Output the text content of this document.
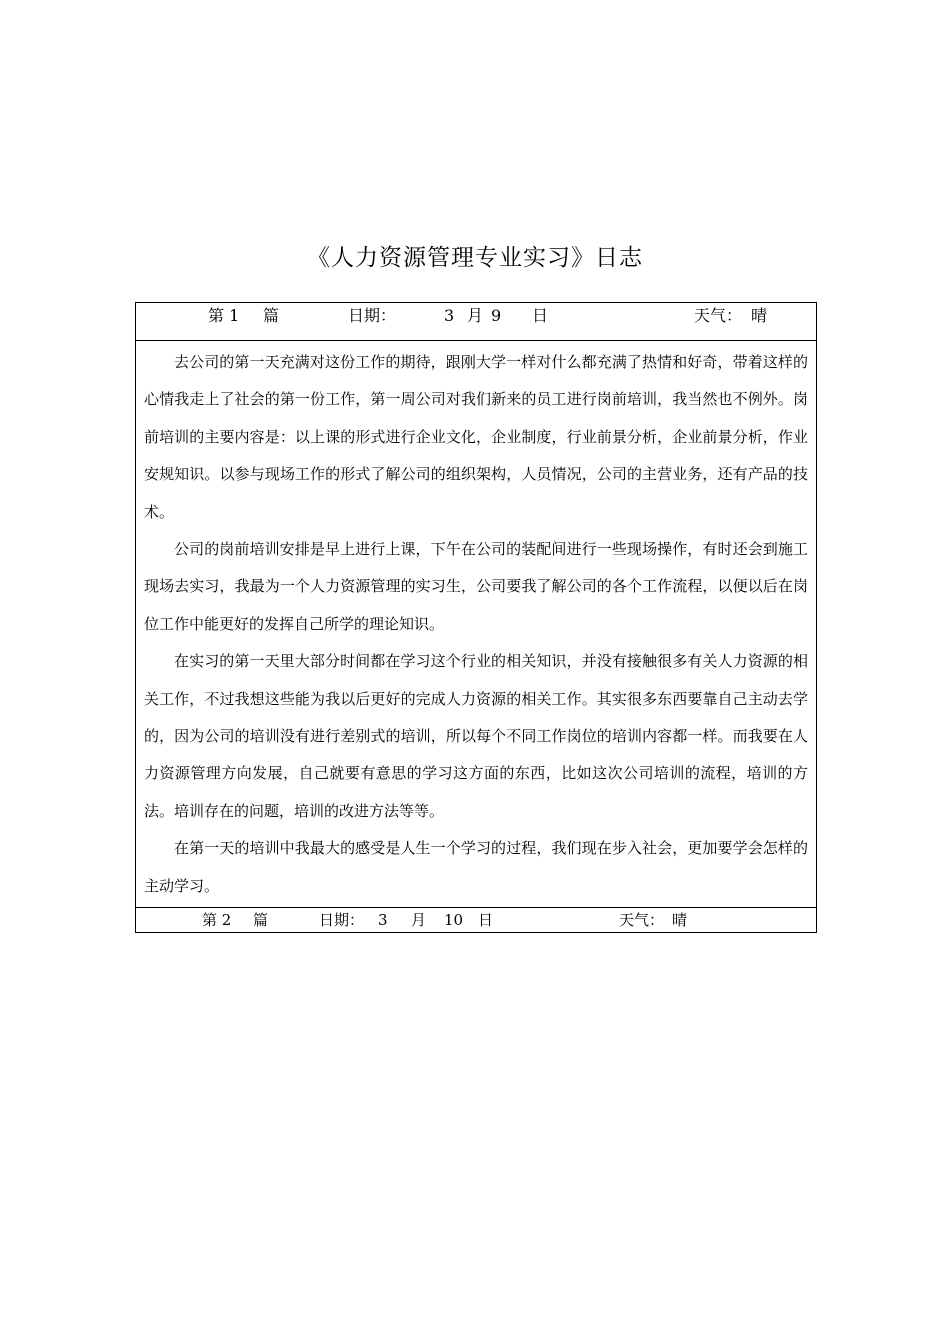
《人力资源管理专业实习》日志
第 1 篇	日期：	3 月 9 日	天气： 晴

去公司的第一天充满对这份工作的期待，跟刚大学一样对什么都充满了热情和好奇，带着这样的心情我走上了社会的第一份工作，第一周公司对我们新来的员工进行岗前培训，我当然也不例外。岗前培训的主要内容是：以上课的形式进行企业文化，企业制度，行业前景分析，企业前景分析，作业安规知识。以参与现场工作的形式了解公司的组织架构，人员情况，公司的主营业务，还有产品的技术。

公司的岗前培训安排是早上进行上课，下午在公司的装配间进行一些现场操作，有时还会到施工现场去实习，我最为一个人力资源管理的实习生，公司要我了解公司的各个工作流程，以便以后在岗位工作中能更好的发挥自己所学的理论知识。

在实习的第一天里大部分时间都在学习这个行业的相关知识，并没有接触很多有关人力资源的相关工作，不过我想这些能为我以后更好的完成人力资源的相关工作。其实很多东西要靠自己主动去学的，因为公司的培训没有进行差别式的培训，所以每个不同工作岗位的培训内容都一样。而我要在人力资源管理方向发展，自己就要有意思的学习这方面的东西，比如这次公司培训的流程，培训的方法。培训存在的问题，培训的改进方法等等。

在第一天的培训中我最大的感受是人生一个学习的过程，我们现在步入社会，更加要学会怎样的主动学习。

第 2 篇	日期： 3 月 10 日	天气： 晴
